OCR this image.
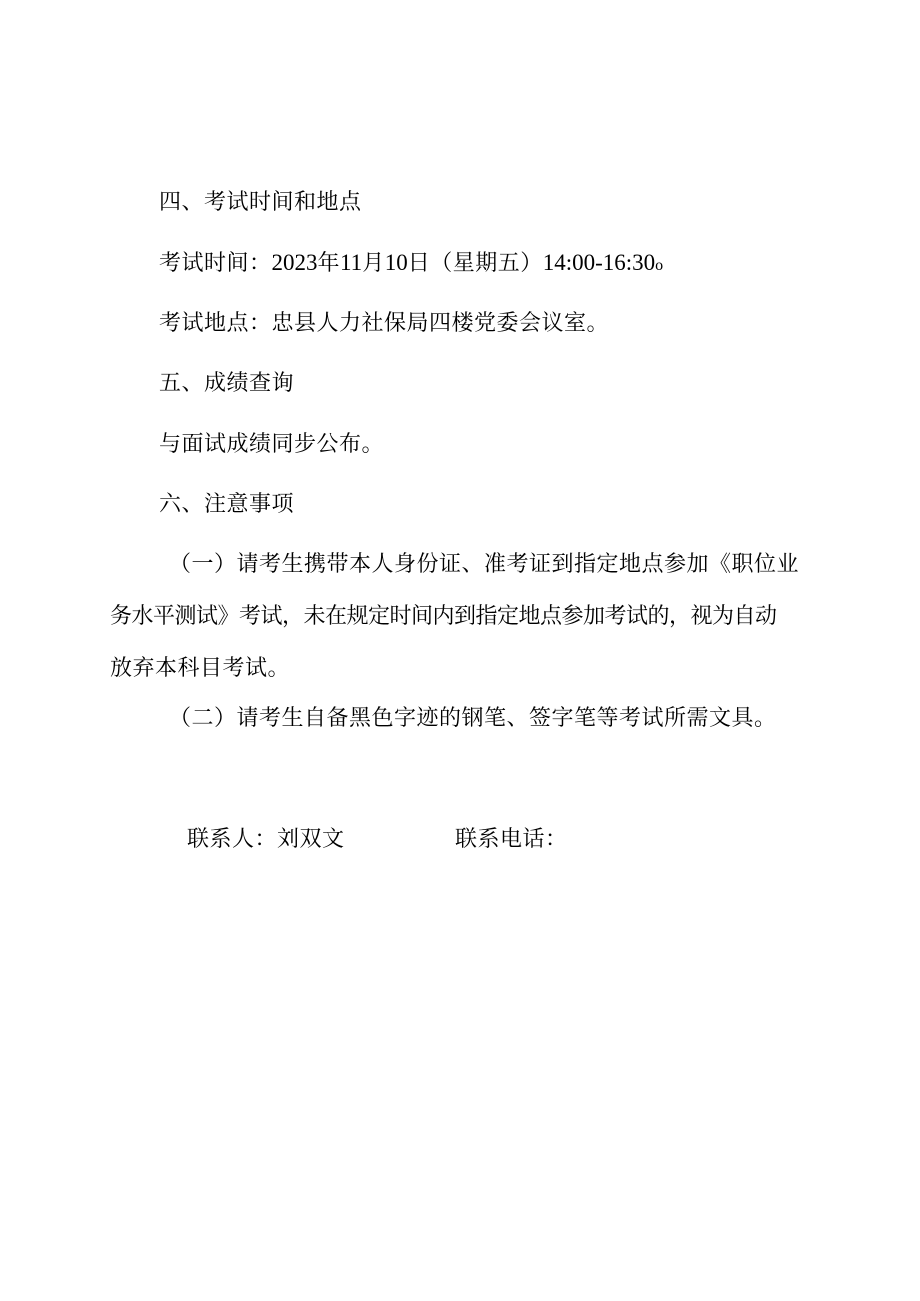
四、考试时间和地点
考试时间：2023年11月10日（星期五）14:00-16:30o
考试地点：忠县人力社保局四楼党委会议室。
五、成绩查询
与面试成绩同步公布。
六、注意事项
（一）请考生携带本人身份证、准考证到指定地点参加《职位业
务水平测试》考试，未在规定时间内到指定地点参加考试的，视为自动
放弃本科目考试。
（二）请考生自备黑色字迹的钢笔、签字笔等考试所需文具。
联系人：刘双文	联系电话：
